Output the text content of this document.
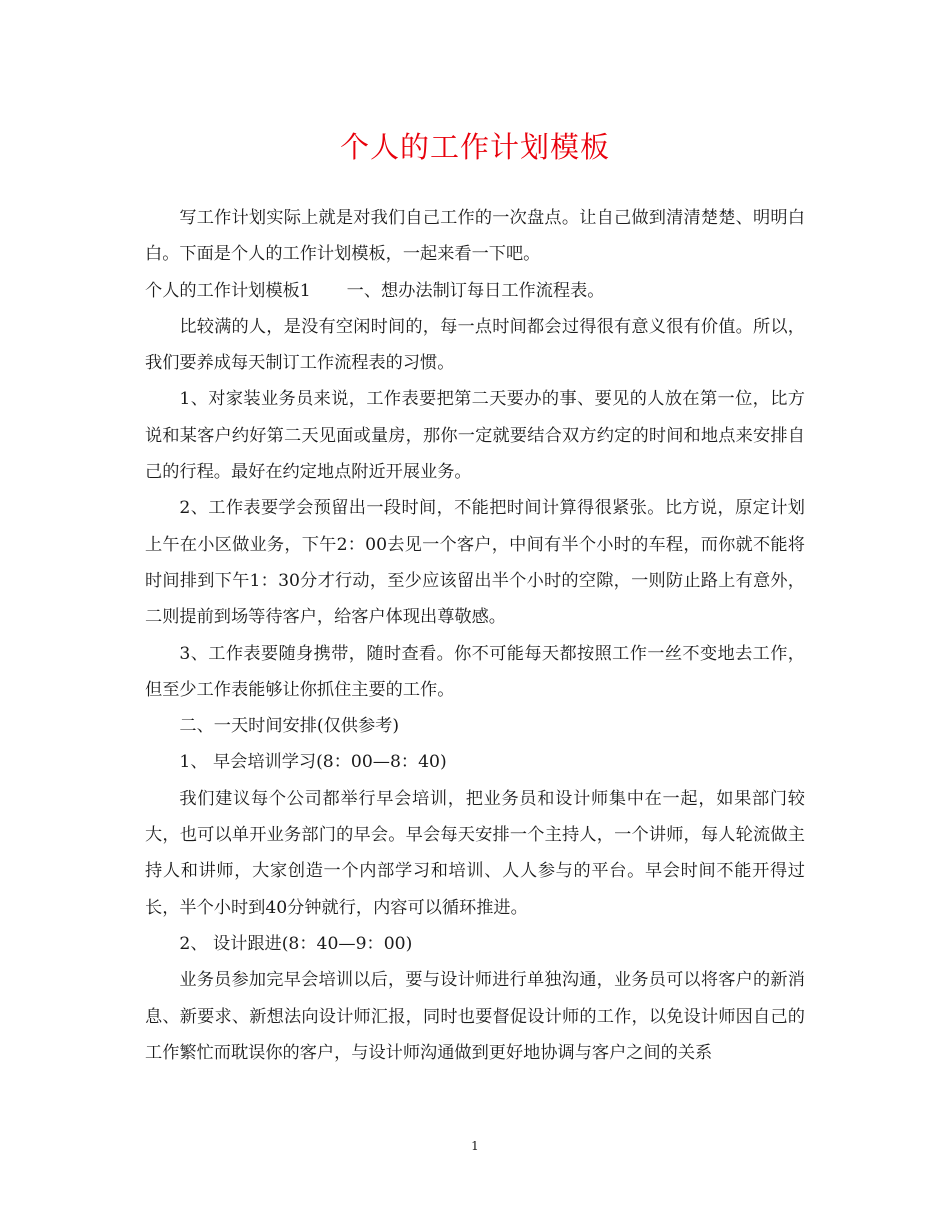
个人的工作计划模板

写工作计划实际上就是对我们自己工作的一次盘点。让自己做到清清楚楚、明明白白。下面是个人的工作计划模板，一起来看一下吧。

个人的工作计划模板1 一、想办法制订每日工作流程表。

比较满的人，是没有空闲时间的，每一点时间都会过得很有意义很有价值。所以，我们要养成每天制订工作流程表的习惯。

1、对家装业务员来说，工作表要把第二天要办的事、要见的人放在第一位，比方说和某客户约好第二天见面或量房，那你一定就要结合双方约定的时间和地点来安排自己的行程。最好在约定地点附近开展业务。

2、工作表要学会预留出一段时间，不能把时间计算得很紧张。比方说，原定计划上午在小区做业务，下午2：00去见一个客户，中间有半个小时的车程，而你就不能将时间排到下午1：30分才行动，至少应该留出半个小时的空隙，一则防止路上有意外，二则提前到场等待客户，给客户体现出尊敬感。

3、工作表要随身携带，随时查看。你不可能每天都按照工作一丝不变地去工作，但至少工作表能够让你抓住主要的工作。

二、一天时间安排(仅供参考)

1、 早会培训学习(8：00—8：40)

我们建议每个公司都举行早会培训，把业务员和设计师集中在一起，如果部门较大，也可以单开业务部门的早会。早会每天安排一个主持人，一个讲师，每人轮流做主持人和讲师，大家创造一个内部学习和培训、人人参与的平台。早会时间不能开得过长，半个小时到40分钟就行，内容可以循环推进。

2、 设计跟进(8：40—9：00)

业务员参加完早会培训以后，要与设计师进行单独沟通，业务员可以将客户的新消息、新要求、新想法向设计师汇报，同时也要督促设计师的工作，以免设计师因自己的工作繁忙而耽误你的客户，与设计师沟通做到更好地协调与客户之间的关系

1
